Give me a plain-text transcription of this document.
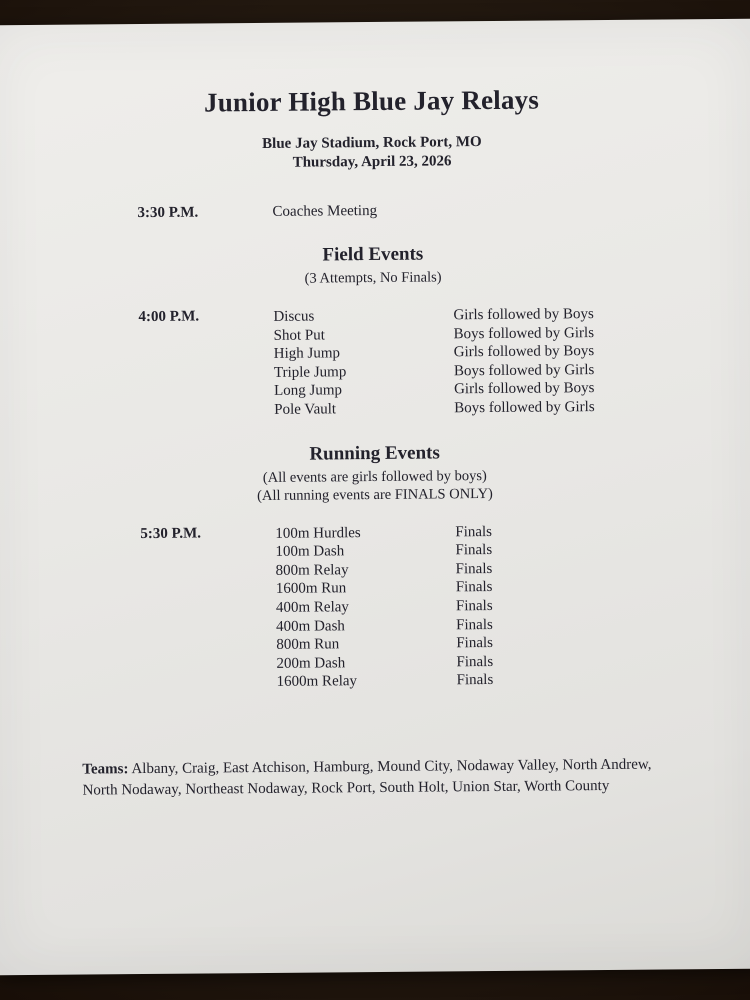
Junior High Blue Jay Relays
Blue Jay Stadium, Rock Port, MO
Thursday, April 23, 2026
3:30 P.M.	Coaches Meeting
Field Events
(3 Attempts, No Finals)
4:00 P.M.	Discus	Girls followed by Boys
Shot Put	Boys followed by Girls
High Jump	Girls followed by Boys
Triple Jump	Boys followed by Girls
Long Jump	Girls followed by Boys
Pole Vault	Boys followed by Girls
Running Events
(All events are girls followed by boys)
(All running events are FINALS ONLY)
5:30 P.M.	100m Hurdles	Finals
100m Dash	Finals
800m Relay	Finals
1600m Run	Finals
400m Relay	Finals
400m Dash	Finals
800m Run	Finals
200m Dash	Finals
1600m Relay	Finals
Teams: Albany, Craig, East Atchison, Hamburg, Mound City, Nodaway Valley, North Andrew, North Nodaway, Northeast Nodaway, Rock Port, South Holt, Union Star, Worth County
